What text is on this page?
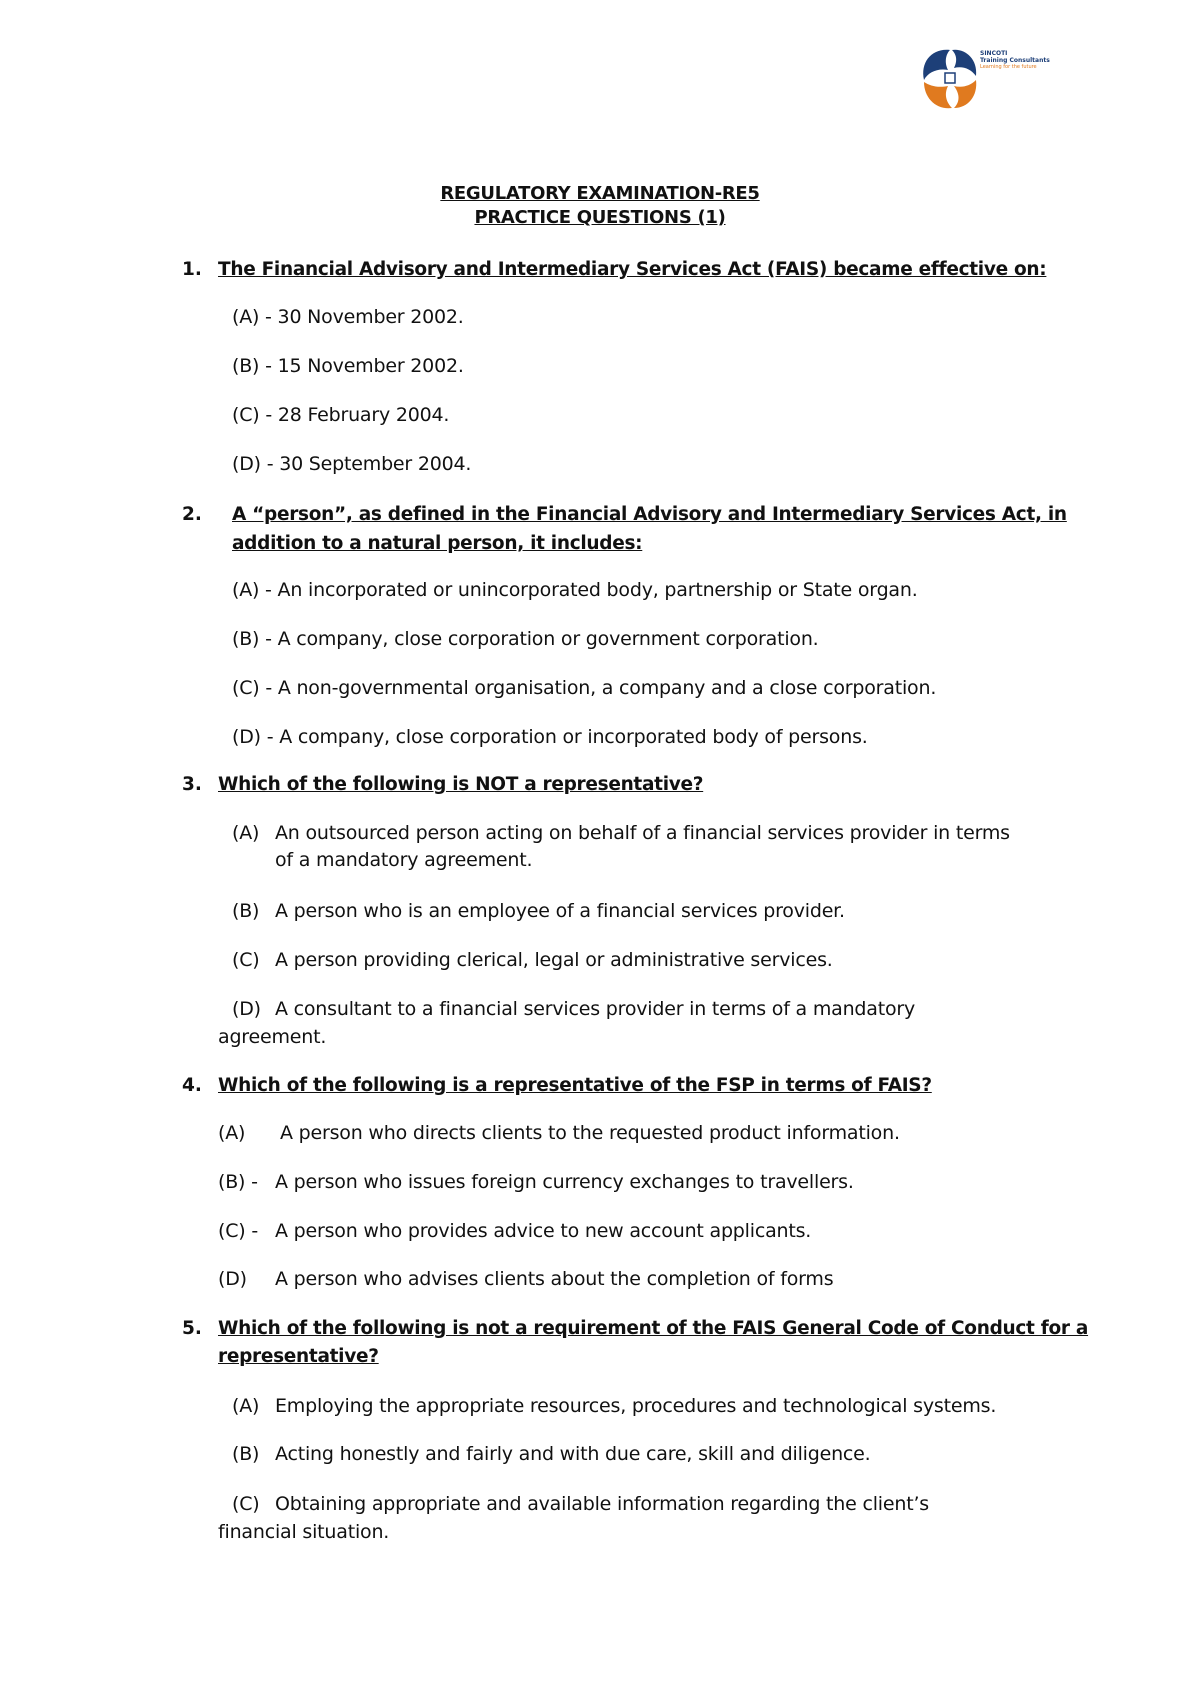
SINCOTI
Training Consultants
Learning for the future
REGULATORY EXAMINATION-RE5
PRACTICE QUESTIONS (1)
1. The Financial Advisory and Intermediary Services Act (FAIS) became effective on:
(A) - 30 November 2002.
(B) - 15 November 2002.
(C) - 28 February 2004.
(D) - 30 September 2004.
2. A “person”, as defined in the Financial Advisory and Intermediary Services Act, in
addition to a natural person, it includes:
(A) - An incorporated or unincorporated body, partnership or State organ.
(B) - A company, close corporation or government corporation.
(C) - A non-governmental organisation, a company and a close corporation.
(D) - A company, close corporation or incorporated body of persons.
3. Which of the following is NOT a representative?
(A) An outsourced person acting on behalf of a financial services provider in terms
of a mandatory agreement.
(B) A person who is an employee of a financial services provider.
(C) A person providing clerical, legal or administrative services.
(D) A consultant to a financial services provider in terms of a mandatory
agreement.
4. Which of the following is a representative of the FSP in terms of FAIS?
(A) A person who directs clients to the requested product information.
(B) - A person who issues foreign currency exchanges to travellers.
(C) - A person who provides advice to new account applicants.
(D) A person who advises clients about the completion of forms
5. Which of the following is not a requirement of the FAIS General Code of Conduct for a
representative?
(A) Employing the appropriate resources, procedures and technological systems.
(B) Acting honestly and fairly and with due care, skill and diligence.
(C) Obtaining appropriate and available information regarding the client’s
financial situation.
